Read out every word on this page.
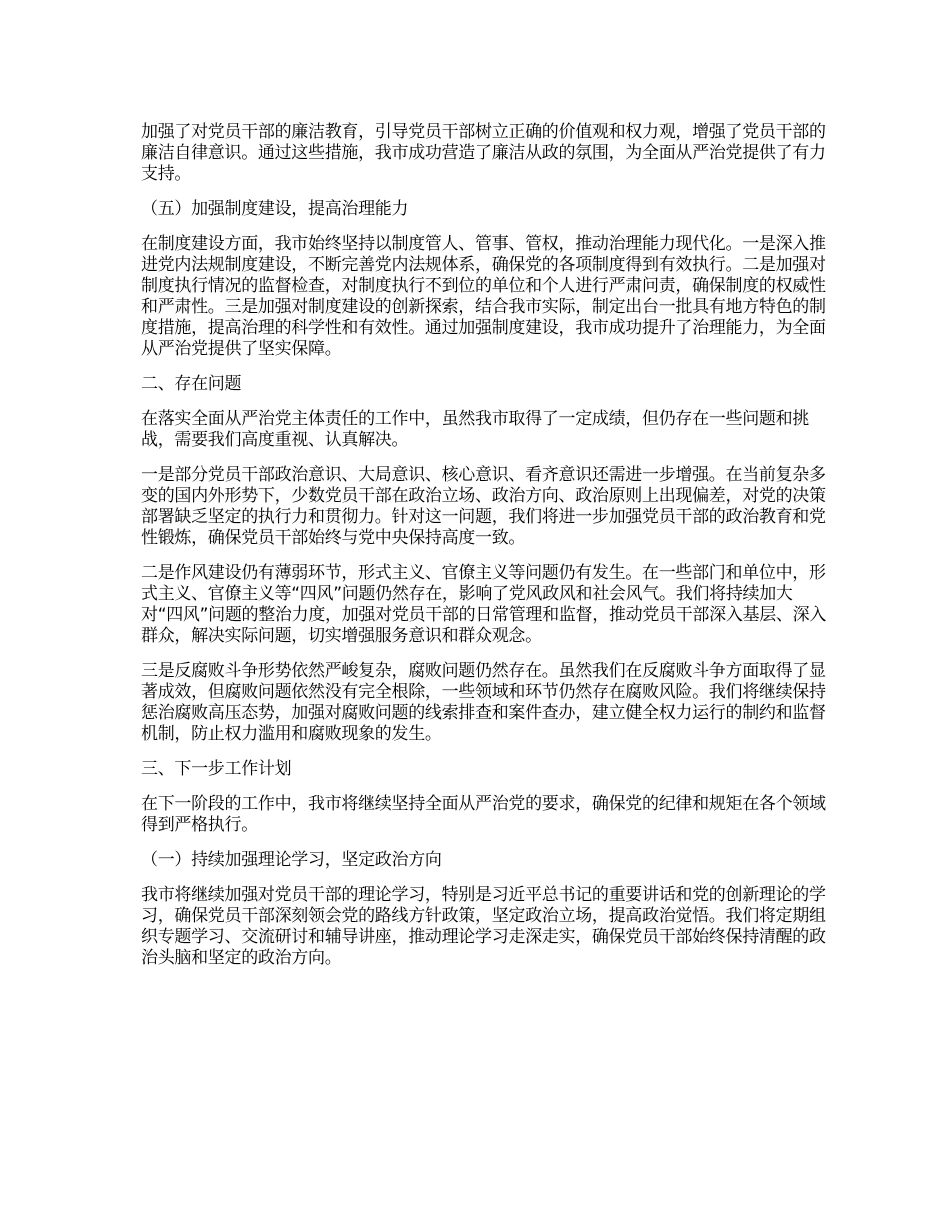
加强了对党员干部的廉洁教育，引导党员干部树立正确的价值观和权力观，增强了党员干部的廉洁自律意识。通过这些措施，我市成功营造了廉洁从政的氛围，为全面从严治党提供了有力支持。

（五）加强制度建设，提高治理能力

在制度建设方面，我市始终坚持以制度管人、管事、管权，推动治理能力现代化。一是深入推进党内法规制度建设，不断完善党内法规体系，确保党的各项制度得到有效执行。二是加强对制度执行情况的监督检查，对制度执行不到位的单位和个人进行严肃问责，确保制度的权威性和严肃性。三是加强对制度建设的创新探索，结合我市实际，制定出台一批具有地方特色的制度措施，提高治理的科学性和有效性。通过加强制度建设，我市成功提升了治理能力，为全面从严治党提供了坚实保障。

二、存在问题

在落实全面从严治党主体责任的工作中，虽然我市取得了一定成绩，但仍存在一些问题和挑战，需要我们高度重视、认真解决。

一是部分党员干部政治意识、大局意识、核心意识、看齐意识还需进一步增强。在当前复杂多变的国内外形势下，少数党员干部在政治立场、政治方向、政治原则上出现偏差，对党的决策部署缺乏坚定的执行力和贯彻力。针对这一问题，我们将进一步加强党员干部的政治教育和党性锻炼，确保党员干部始终与党中央保持高度一致。

二是作风建设仍有薄弱环节，形式主义、官僚主义等问题仍有发生。在一些部门和单位中，形式主义、官僚主义等“四风”问题仍然存在，影响了党风政风和社会风气。我们将持续加大对“四风”问题的整治力度，加强对党员干部的日常管理和监督，推动党员干部深入基层、深入群众，解决实际问题，切实增强服务意识和群众观念。

三是反腐败斗争形势依然严峻复杂，腐败问题仍然存在。虽然我们在反腐败斗争方面取得了显著成效，但腐败问题依然没有完全根除，一些领域和环节仍然存在腐败风险。我们将继续保持惩治腐败高压态势，加强对腐败问题的线索排查和案件查办，建立健全权力运行的制约和监督机制，防止权力滥用和腐败现象的发生。

三、下一步工作计划

在下一阶段的工作中，我市将继续坚持全面从严治党的要求，确保党的纪律和规矩在各个领域得到严格执行。

（一）持续加强理论学习，坚定政治方向

我市将继续加强对党员干部的理论学习，特别是习近平总书记的重要讲话和党的创新理论的学习，确保党员干部深刻领会党的路线方针政策，坚定政治立场，提高政治觉悟。我们将定期组织专题学习、交流研讨和辅导讲座，推动理论学习走深走实，确保党员干部始终保持清醒的政治头脑和坚定的政治方向。
